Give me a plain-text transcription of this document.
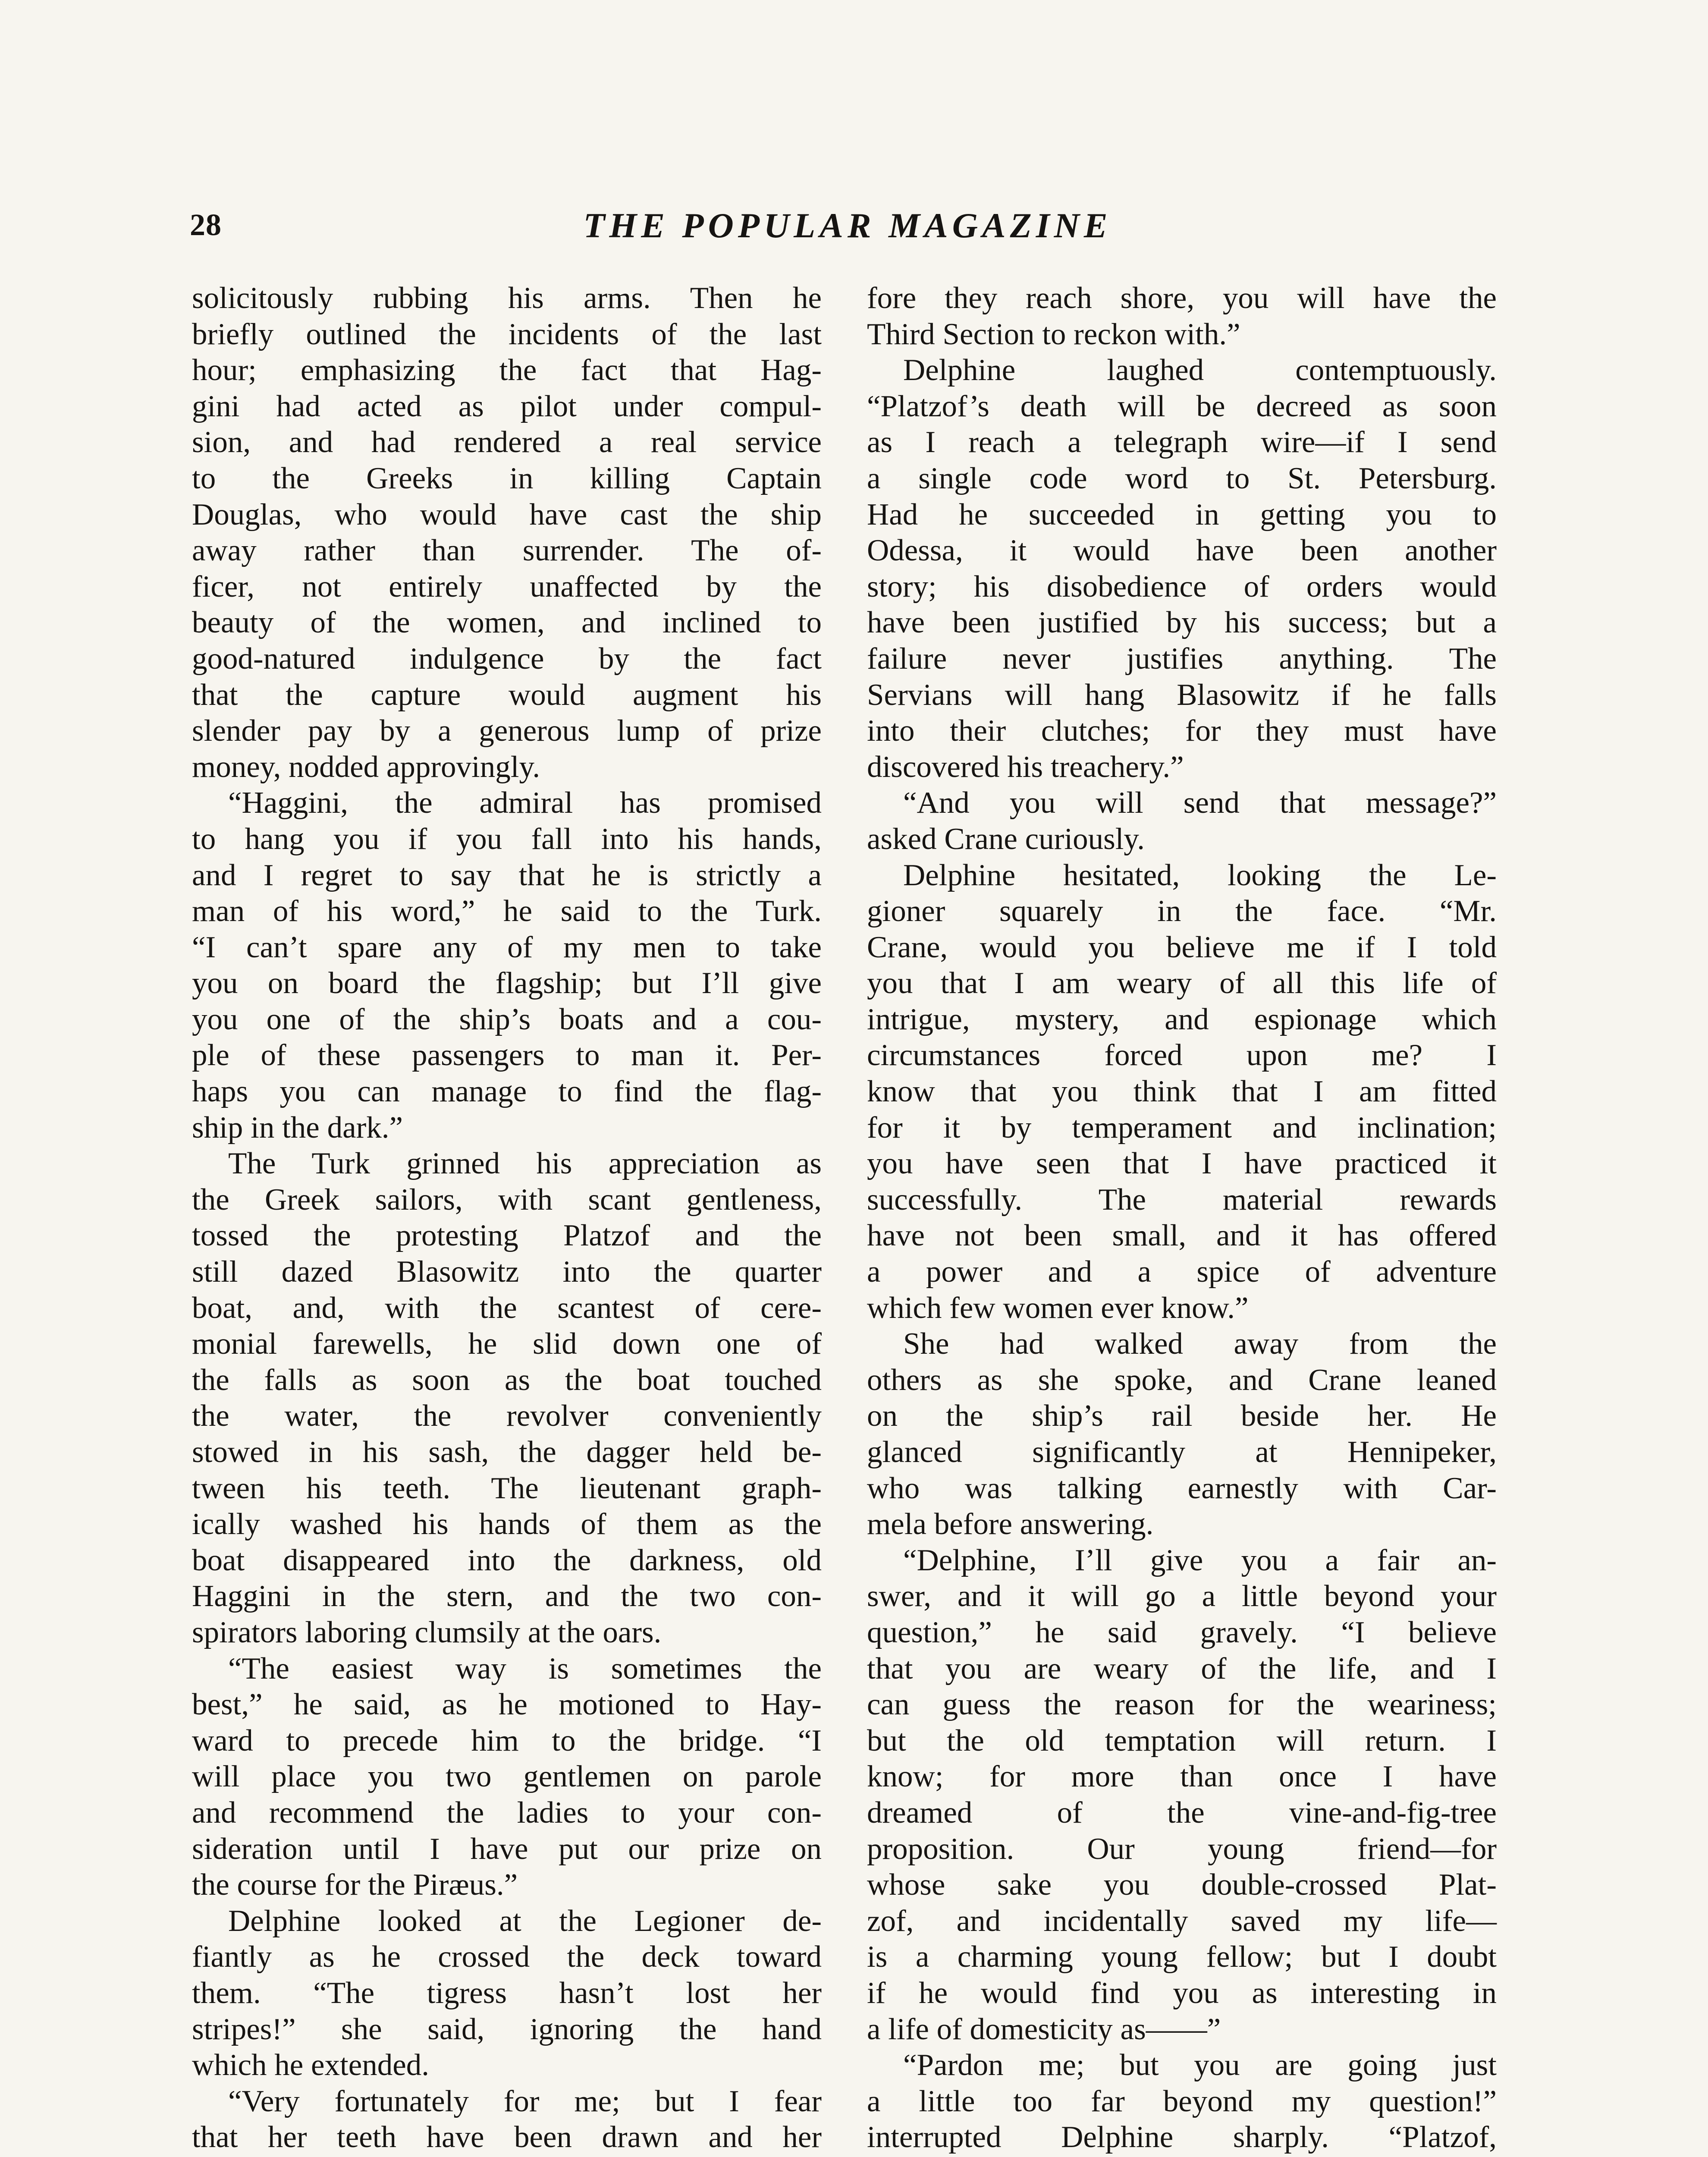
28	THE POPULAR MAGAZINE
solicitously rubbing his arms. Then he
briefly outlined the incidents of the last
hour; emphasizing the fact that Hag-
gini had acted as pilot under compul-
sion, and had rendered a real service
to the Greeks in killing Captain
Douglas, who would have cast the ship
away rather than surrender. The of-
ficer, not entirely unaffected by the
beauty of the women, and inclined to
good-natured indulgence by the fact
that the capture would augment his
slender pay by a generous lump of prize
money, nodded approvingly.
“Haggini, the admiral has promised
to hang you if you fall into his hands,
and I regret to say that he is strictly a
man of his word,” he said to the Turk.
“I can’t spare any of my men to take
you on board the flagship; but I’ll give
you one of the ship’s boats and a cou-
ple of these passengers to man it. Per-
haps you can manage to find the flag-
ship in the dark.”
The Turk grinned his appreciation as
the Greek sailors, with scant gentleness,
tossed the protesting Platzof and the
still dazed Blasowitz into the quarter
boat, and, with the scantest of cere-
monial farewells, he slid down one of
the falls as soon as the boat touched
the water, the revolver conveniently
stowed in his sash, the dagger held be-
tween his teeth. The lieutenant graph-
ically washed his hands of them as the
boat disappeared into the darkness, old
Haggini in the stern, and the two con-
spirators laboring clumsily at the oars.
“The easiest way is sometimes the
best,” he said, as he motioned to Hay-
ward to precede him to the bridge. “I
will place you two gentlemen on parole
and recommend the ladies to your con-
sideration until I have put our prize on
the course for the Piræus.”
Delphine looked at the Legioner de-
fiantly as he crossed the deck toward
them. “The tigress hasn’t lost her
stripes!” she said, ignoring the hand
which he extended.
“Very fortunately for me; but I fear
that her teeth have been drawn and her
fore they reach shore, you will have the
Third Section to reckon with.”
Delphine laughed contemptuously.
“Platzof’s death will be decreed as soon
as I reach a telegraph wire—if I send
a single code word to St. Petersburg.
Had he succeeded in getting you to
Odessa, it would have been another
story; his disobedience of orders would
have been justified by his success; but a
failure never justifies anything. The
Servians will hang Blasowitz if he falls
into their clutches; for they must have
discovered his treachery.”
“And you will send that message?”
asked Crane curiously.
Delphine hesitated, looking the Le-
gioner squarely in the face. “Mr.
Crane, would you believe me if I told
you that I am weary of all this life of
intrigue, mystery, and espionage which
circumstances forced upon me? I
know that you think that I am fitted
for it by temperament and inclination;
you have seen that I have practiced it
successfully. The material rewards
have not been small, and it has offered
a power and a spice of adventure
which few women ever know.”
She had walked away from the
others as she spoke, and Crane leaned
on the ship’s rail beside her. He
glanced significantly at Hennipeker,
who was talking earnestly with Car-
mela before answering.
“Delphine, I’ll give you a fair an-
swer, and it will go a little beyond your
question,” he said gravely. “I believe
that you are weary of the life, and I
can guess the reason for the weariness;
but the old temptation will return. I
know; for more than once I have
dreamed of the vine-and-fig-tree
proposition. Our young friend—for
whose sake you double-crossed Plat-
zof, and incidentally saved my life—
is a charming young fellow; but I doubt
if he would find you as interesting in
a life of domesticity as——”
“Pardon me; but you are going just
a little too far beyond my question!”
interrupted Delphine sharply. “Platzof,
